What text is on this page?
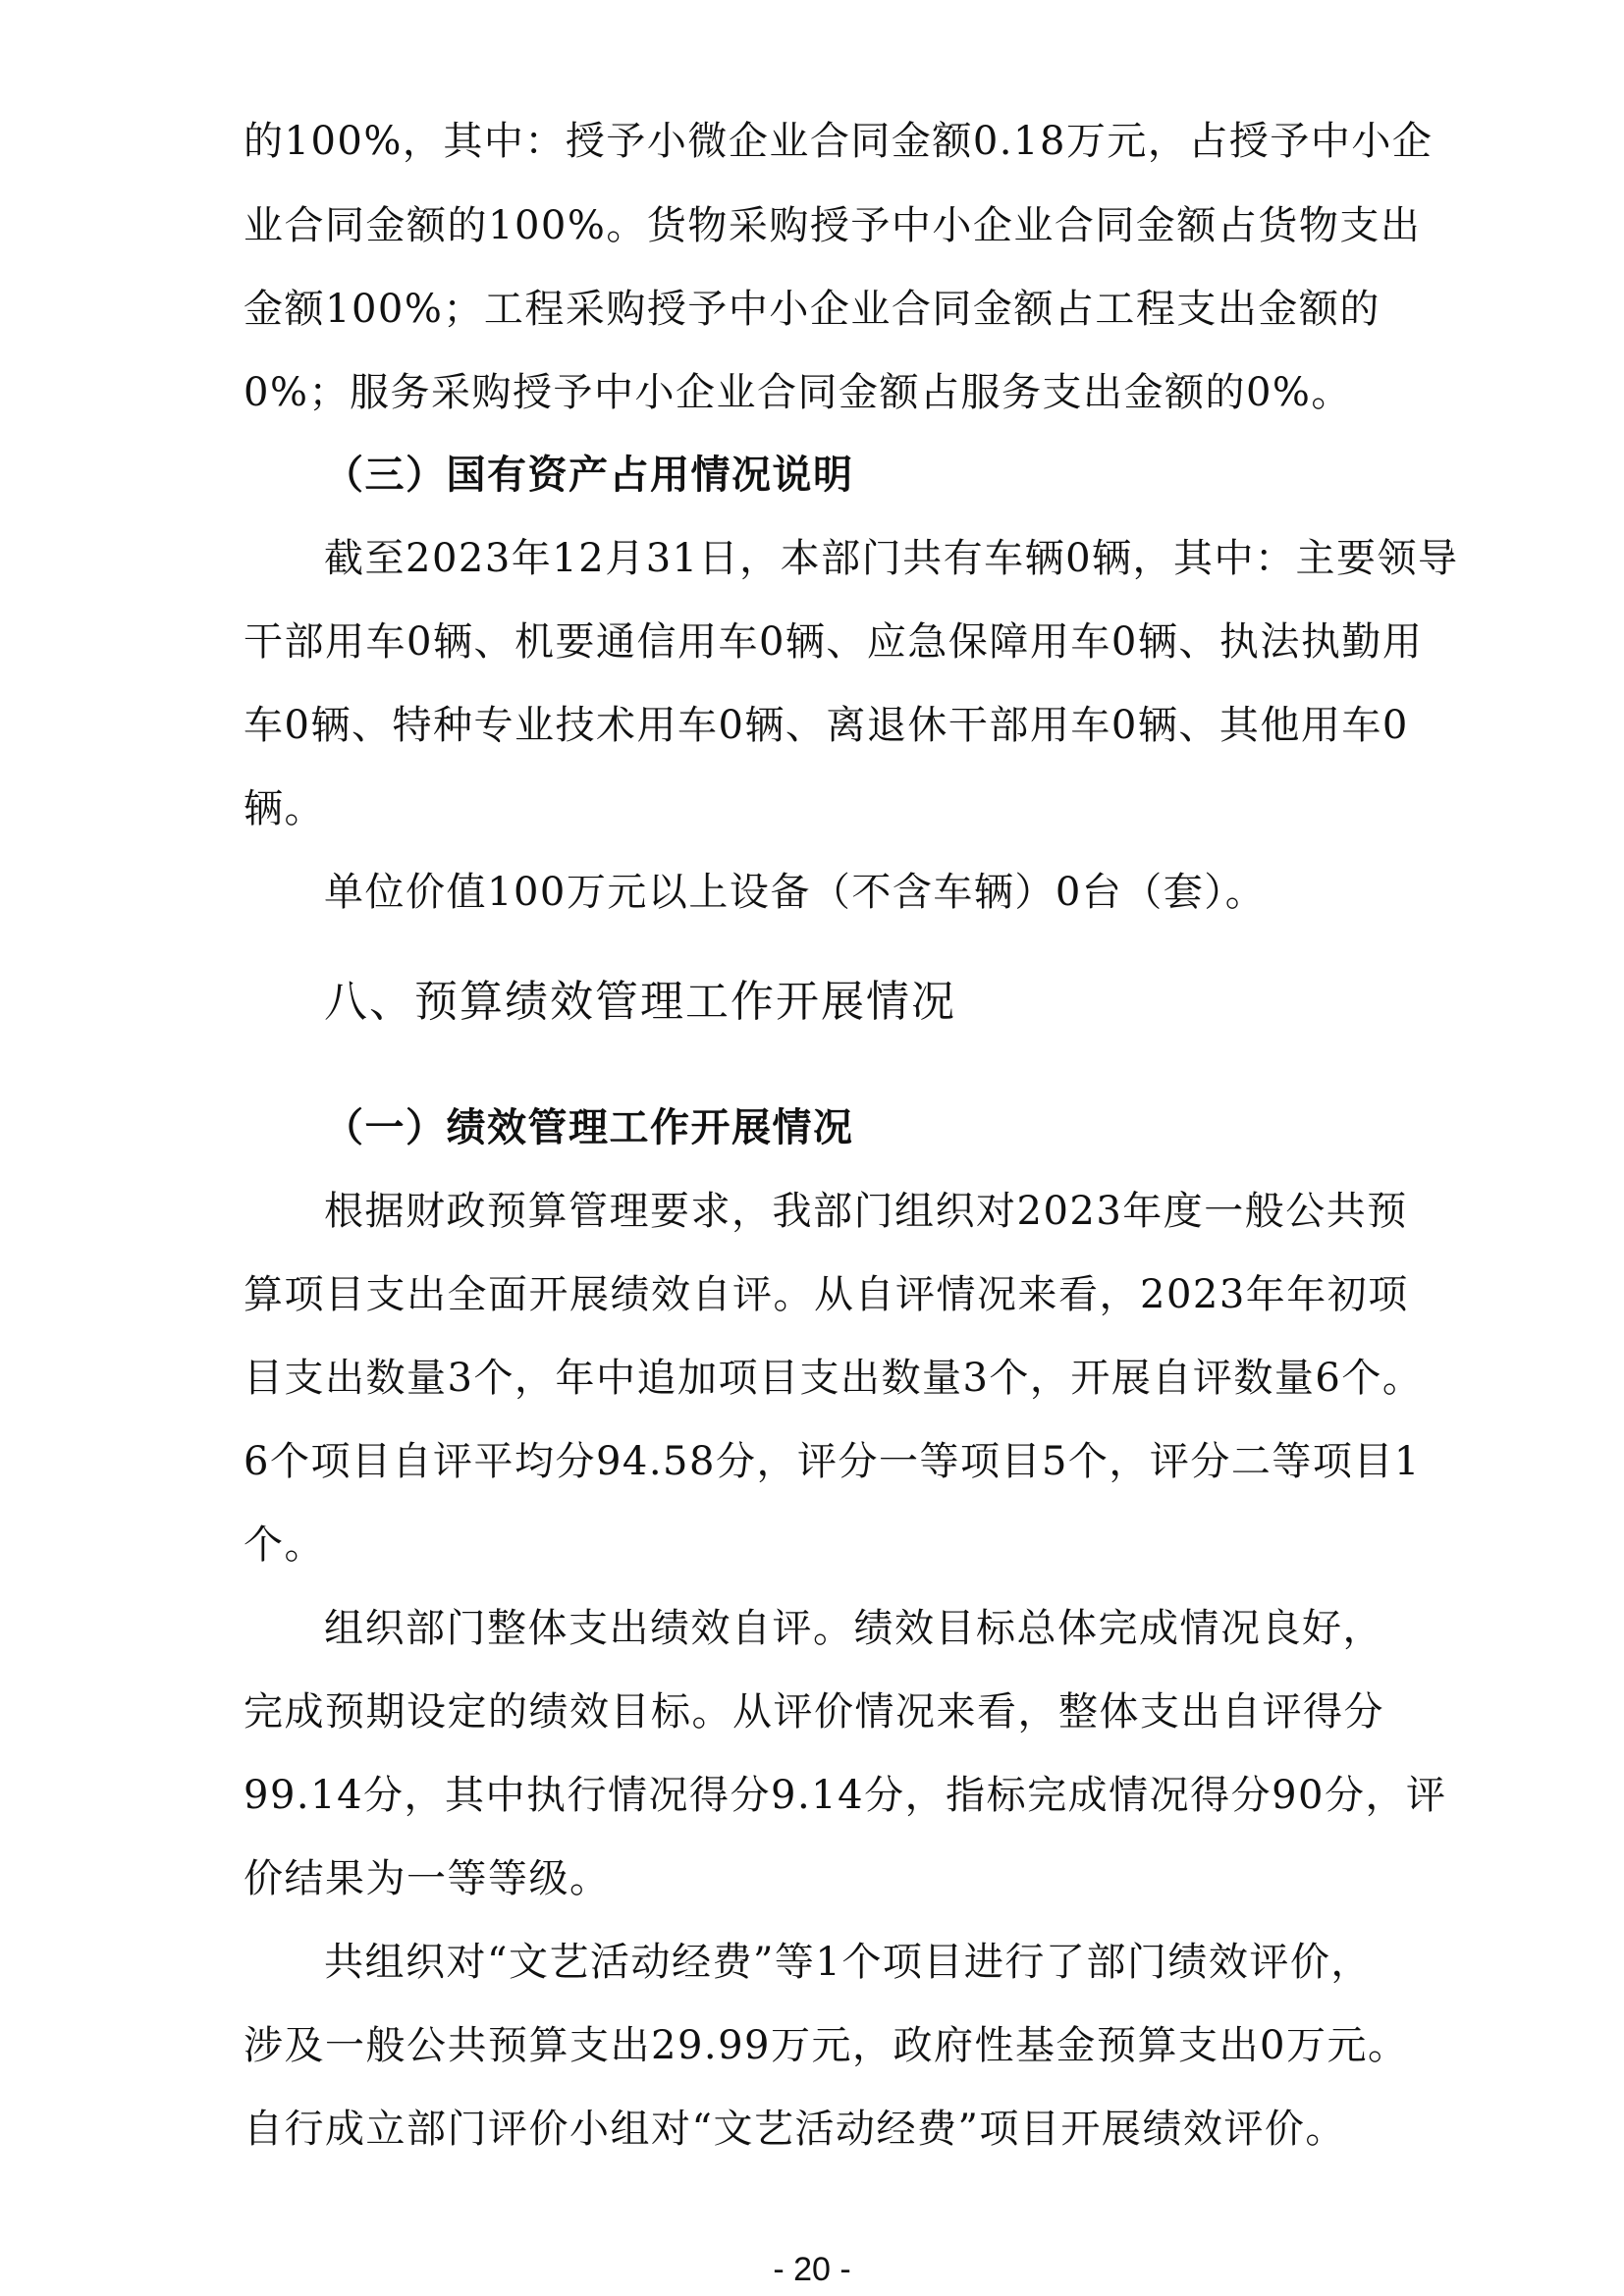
的100%，其中：授予小微企业合同金额0.18万元，占授予中小企
业合同金额的100%。货物采购授予中小企业合同金额占货物支出
金额100%；工程采购授予中小企业合同金额占工程支出金额的
0%；服务采购授予中小企业合同金额占服务支出金额的0%。
（三）国有资产占用情况说明
截至2023年12月31日，本部门共有车辆0辆，其中：主要领导
干部用车0辆、机要通信用车0辆、应急保障用车0辆、执法执勤用
车0辆、特种专业技术用车0辆、离退休干部用车0辆、其他用车0
辆。
单位价值100万元以上设备（不含车辆）0台（套）。
八、预算绩效管理工作开展情况
（一）绩效管理工作开展情况
根据财政预算管理要求，我部门组织对2023年度一般公共预
算项目支出全面开展绩效自评。从自评情况来看，2023年年初项
目支出数量3个，年中追加项目支出数量3个，开展自评数量6个。
6个项目自评平均分94.58分，评分一等项目5个，评分二等项目1
个。
组织部门整体支出绩效自评。绩效目标总体完成情况良好，
完成预期设定的绩效目标。从评价情况来看，整体支出自评得分
99.14分，其中执行情况得分9.14分，指标完成情况得分90分，评
价结果为一等等级。
共组织对“文艺活动经费”等1个项目进行了部门绩效评价，
涉及一般公共预算支出29.99万元，政府性基金预算支出0万元。
自行成立部门评价小组对“文艺活动经费”项目开展绩效评价。
- 20 -
